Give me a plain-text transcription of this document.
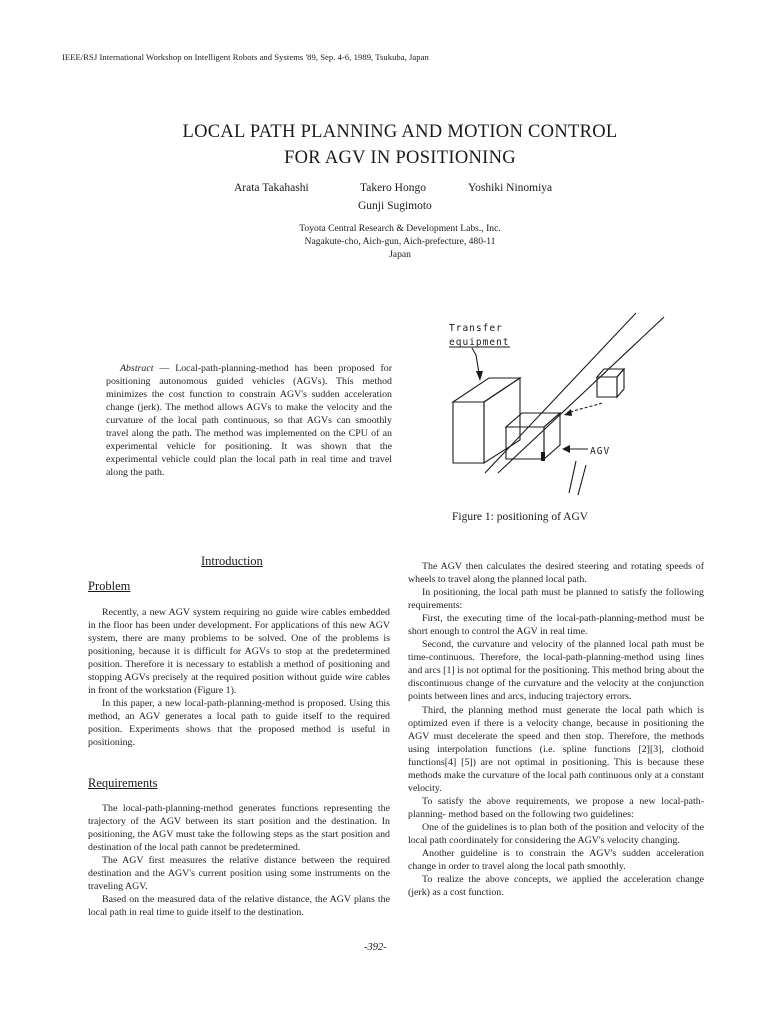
IEEE/RSJ International Workshop on Intelligent Robots and Systems '89, Sep. 4-6, 1989, Tsukuba, Japan
LOCAL PATH PLANNING AND MOTION CONTROL
FOR AGV IN POSITIONING
Arata Takahashi	Takero Hongo	Yoshiki Ninomiya
Gunji Sugimoto
Toyota Central Research & Development Labs., Inc.
Nagakute-cho, Aich-gun, Aich-prefecture, 480-11
Japan

Abstract — Local-path-planning-method has been proposed for positioning autonomous guided vehicles (AGVs). This method minimizes the cost function to constrain AGV's sudden acceleration change (jerk). The method allows AGVs to make the velocity and the curvature of the local path continuous, so that AGVs can smoothly travel along the path. The method was implemented on the CPU of an experimental vehicle for positioning. It was shown that the experimental vehicle could plan the local path in real time and travel along the path.

Transfer
equipment
AGV
Figure 1: positioning of AGV
Introduction
Problem

Recently, a new AGV system requiring no guide wire cables embedded in the floor has been under development. For applications of this new AGV system, there are many problems to be solved. One of the problems is positioning, because it is difficult for AGVs to stop at the predetermined position. Therefore it is necessary to establish a method of positioning and stopping AGVs precisely at the required position without guide wire cables in front of the workstation (Figure 1).

In this paper, a new local-path-planning-method is proposed. Using this method, an AGV generates a local path to guide itself to the required position. Experiments shows that the proposed method is useful in positioning.

Requirements

The local-path-planning-method generates functions representing the trajectory of the AGV between its start position and the destination. In positioning, the AGV must take the following steps as the start position and destination of the local path cannot be predetermined.

The AGV first measures the relative distance between the required destination and the AGV's current position using some instruments on the traveling AGV.

Based on the measured data of the relative distance, the AGV plans the local path in real time to guide itself to the destination.

The AGV then calculates the desired steering and rotating speeds of wheels to travel along the planned local path.

In positioning, the local path must be planned to satisfy the following requirements:

First, the executing time of the local-path-planning-method must be short enough to control the AGV in real time.

Second, the curvature and velocity of the planned local path must be time-continuous. Therefore, the local-path-planning-method using lines and arcs [1] is not optimal for the positioning. This method bring about the discontinuous change of the curvature and the velocity at the conjunction points between lines and arcs, inducing trajectory errors.

Third, the planning method must generate the local path which is optimized even if there is a velocity change, because in positioning the AGV must decelerate the speed and then stop. Therefore, the methods using interpolation functions (i.e. spline functions [2][3], clothoid functions[4] [5]) are not optimal in positioning. This is because these methods make the curvature of the local path continuous only at a constant velocity.

To satisfy the above requirements, we propose a new local-path-planning- method based on the following two guidelines:

One of the guidelines is to plan both of the position and velocity of the local path coordinately for considering the AGV's velocity changing.

Another guideline is to constrain the AGV's sudden acceleration change in order to travel along the local path smoothly.

To realize the above concepts, we applied the acceleration change (jerk) as a cost function.

-392-
